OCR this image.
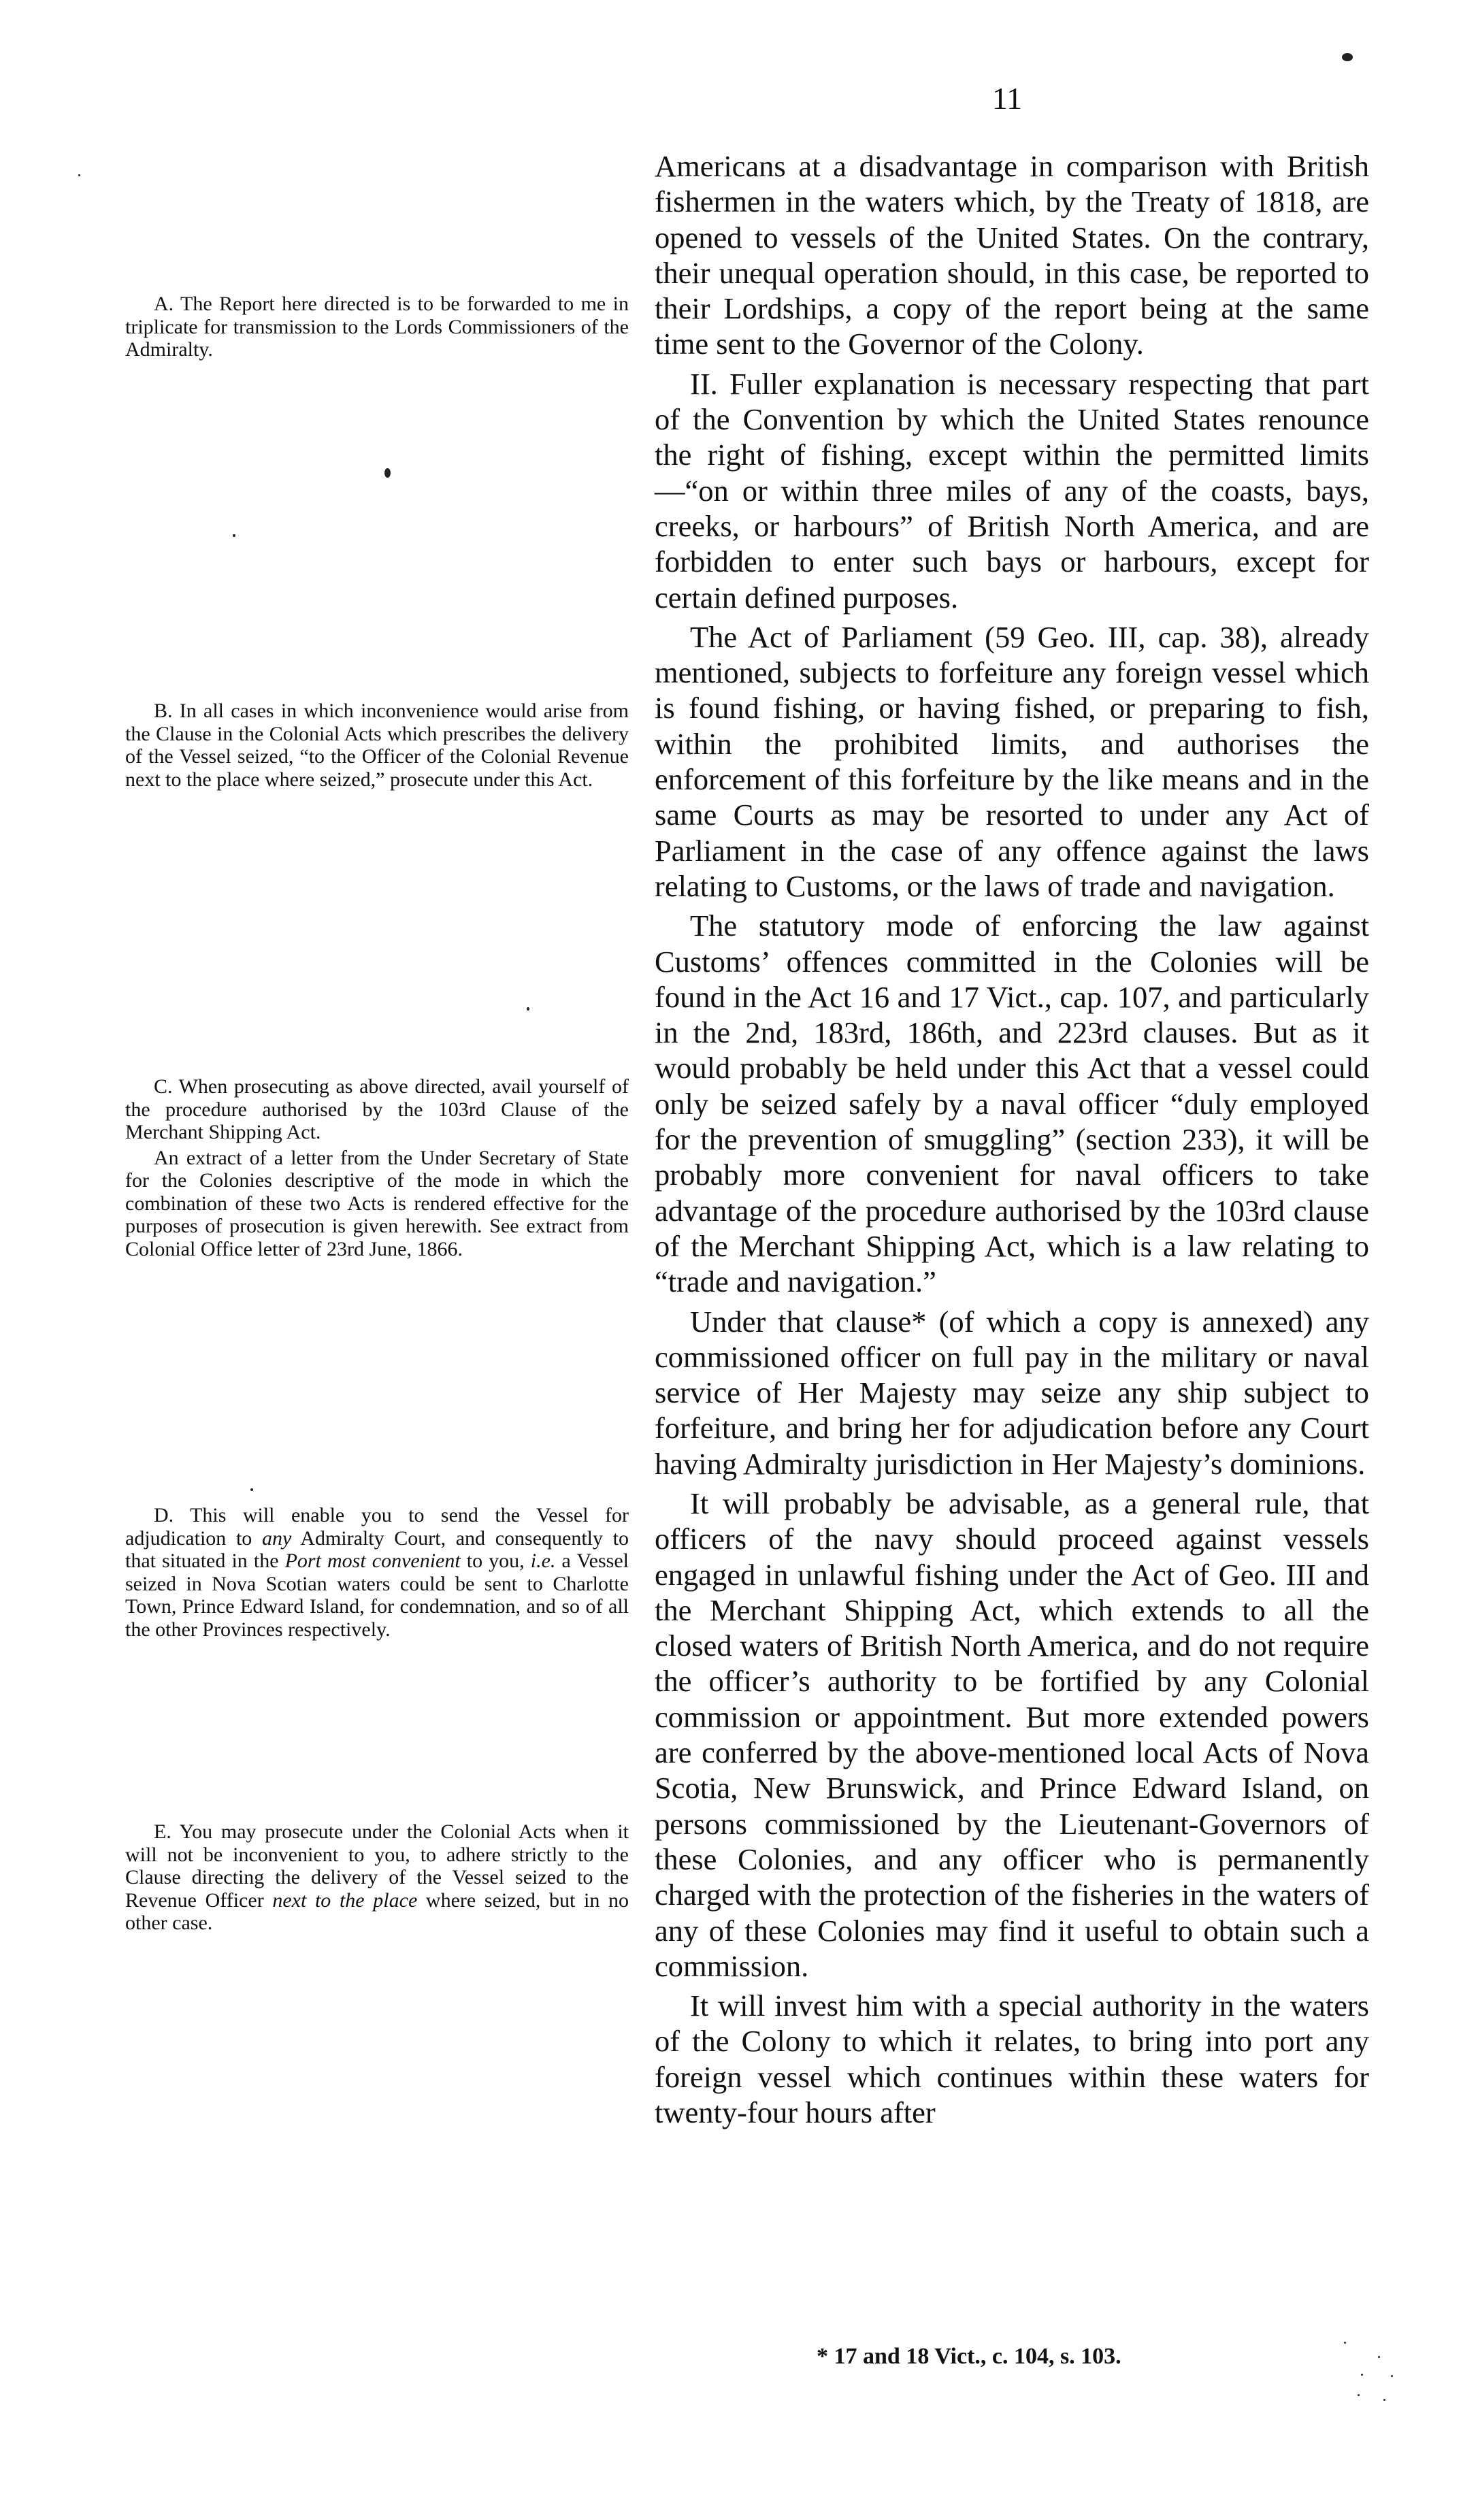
11

Americans at a disadvantage in comparison with British fishermen in the waters which, by the Treaty of 1818, are opened to vessels of the United States. On the contrary, their unequal operation should, in this case, be reported to their Lordships, a copy of the report being at the same time sent to the Governor of the Colony.

II. Fuller explanation is necessary respecting that part of the Convention by which the United States renounce the right of fishing, except within the permitted limits—“on or within three miles of any of the coasts, bays, creeks, or harbours” of British North America, and are forbidden to enter such bays or harbours, except for certain defined purposes.

The Act of Parliament (59 Geo. III, cap. 38), already mentioned, subjects to forfeiture any foreign vessel which is found fishing, or having fished, or preparing to fish, within the prohibited limits, and authorises the enforcement of this forfeiture by the like means and in the same Courts as may be resorted to under any Act of Parliament in the case of any offence against the laws relating to Customs, or the laws of trade and navigation.

The statutory mode of enforcing the law against Customs’ offences committed in the Colonies will be found in the Act 16 and 17 Vict., cap. 107, and particularly in the 2nd, 183rd, 186th, and 223rd clauses. But as it would probably be held under this Act that a vessel could only be seized safely by a naval officer “duly employed for the prevention of smuggling” (section 233), it will be probably more convenient for naval officers to take advantage of the procedure authorised by the 103rd clause of the Merchant Shipping Act, which is a law relating to “trade and navigation.”

Under that clause* (of which a copy is annexed) any commissioned officer on full pay in the military or naval service of Her Majesty may seize any ship subject to forfeiture, and bring her for adjudication before any Court having Admiralty jurisdiction in Her Majesty’s dominions.

It will probably be advisable, as a general rule, that officers of the navy should proceed against vessels engaged in unlawful fishing under the Act of Geo. III and the Merchant Shipping Act, which extends to all the closed waters of British North America, and do not require the officer’s authority to be fortified by any Colonial commission or appointment. But more extended powers are conferred by the above-mentioned local Acts of Nova Scotia, New Brunswick, and Prince Edward Island, on persons commissioned by the Lieutenant-Governors of these Colonies, and any officer who is permanently charged with the protection of the fisheries in the waters of any of these Colonies may find it useful to obtain such a commission.

It will invest him with a special authority in the waters of the Colony to which it relates, to bring into port any foreign vessel which continues within these waters for twenty-four hours after

A. The Report here directed is to be forwarded to me in triplicate for transmission to the Lords Commissioners of the Admiralty.

B. In all cases in which inconvenience would arise from the Clause in the Colonial Acts which prescribes the delivery of the Vessel seized, “to the Officer of the Colonial Revenue next to the place where seized,” prosecute under this Act.

C. When prosecuting as above directed, avail yourself of the procedure authorised by the 103rd Clause of the Merchant Shipping Act.

An extract of a letter from the Under Secretary of State for the Colonies descriptive of the mode in which the combination of these two Acts is rendered effective for the purposes of prosecution is given herewith. See extract from Colonial Office letter of 23rd June, 1866.

D. This will enable you to send the Vessel for adjudication to any Admiralty Court, and consequently to that situated in the Port most convenient to you, i.e. a Vessel seized in Nova Scotian waters could be sent to Charlotte Town, Prince Edward Island, for condemnation, and so of all the other Provinces respectively.

E. You may prosecute under the Colonial Acts when it will not be inconvenient to you, to adhere strictly to the Clause directing the delivery of the Vessel seized to the Revenue Officer next to the place where seized, but in no other case.

* 17 and 18 Vict., c. 104, s. 103.
